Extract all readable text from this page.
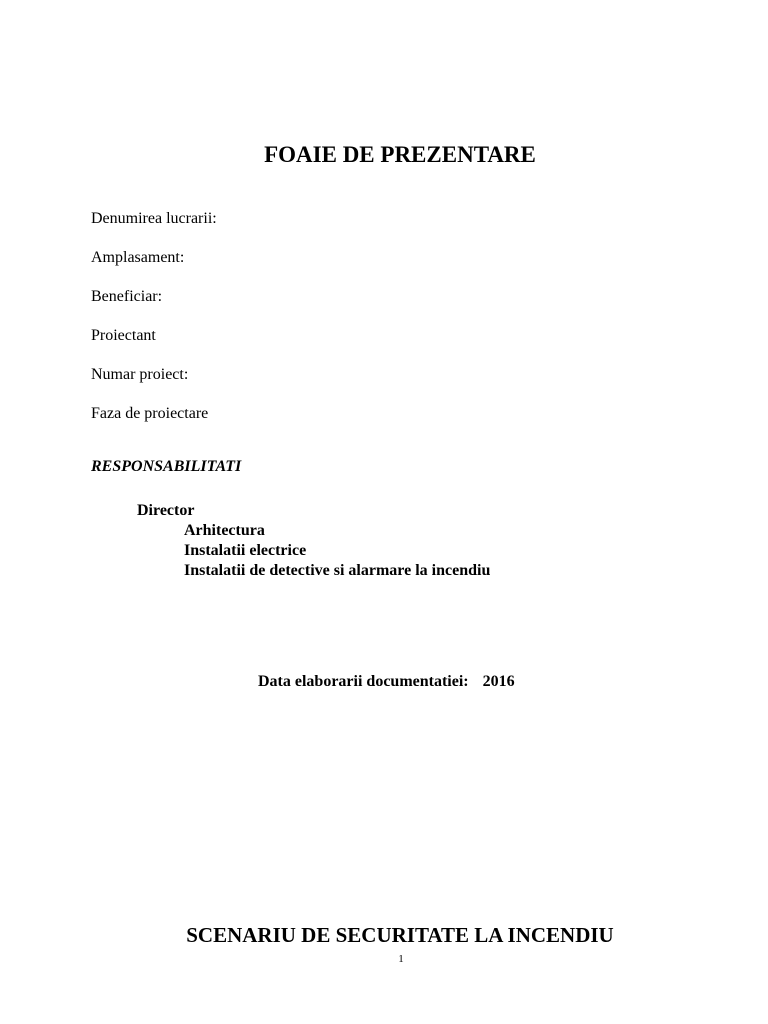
FOAIE DE PREZENTARE
Denumirea lucrarii:
Amplasament:
Beneficiar:
Proiectant
Numar proiect:
Faza de proiectare
RESPONSABILITATI
Director
Arhitectura
Instalatii electrice
Instalatii de detective si alarmare la incendiu
Data elaborarii documentatiei: 2016
SCENARIU DE SECURITATE LA INCENDIU
1
